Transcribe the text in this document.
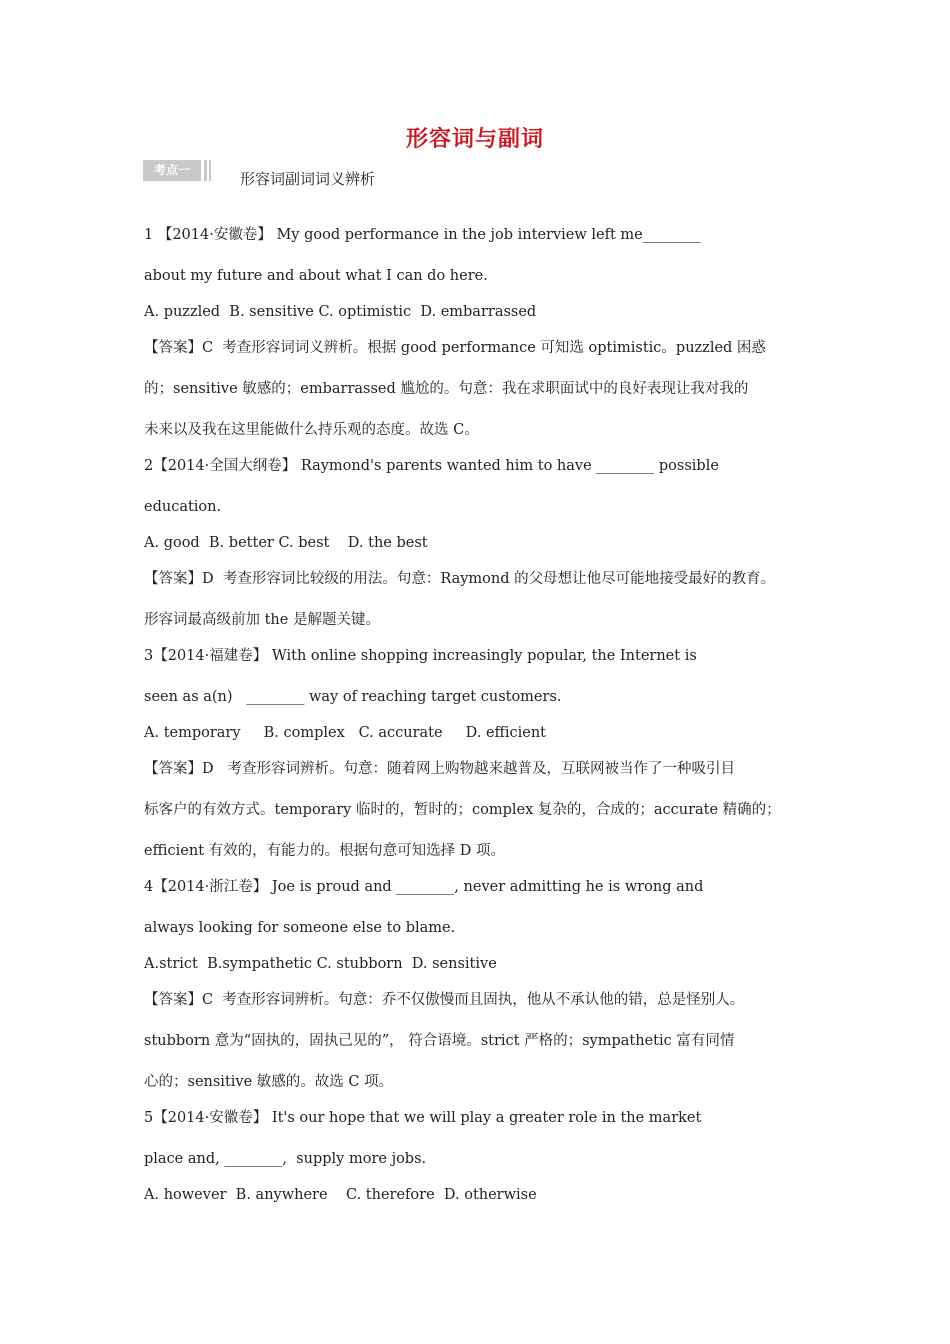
形容词与副词
考点一	形容词副词词义辨析
1 【2014·安徽卷】 My good performance in the job interview left me________
about my future and about what I can do here.
A. puzzled  B. sensitive C. optimistic  D. embarrassed
【答案】C  考查形容词词义辨析。根据 good performance 可知选 optimistic。puzzled 困惑
的；sensitive 敏感的；embarrassed 尴尬的。句意：我在求职面试中的良好表现让我对我的
未来以及我在这里能做什么持乐观的态度。故选 C。
2【2014·全国大纲卷】 Raymond's parents wanted him to have ________ possible
education.
A. good  B. better C. best    D. the best
【答案】D  考查形容词比较级的用法。句意：Raymond 的父母想让他尽可能地接受最好的教育。
形容词最高级前加 the 是解题关键。
3【2014·福建卷】 With online shopping increasingly popular, the Internet is
seen as a(n)   ________ way of reaching target customers.
A. temporary     B. complex   C. accurate     D. efficient
【答案】D   考查形容词辨析。句意：随着网上购物越来越普及，互联网被当作了一种吸引目
标客户的有效方式。temporary 临时的，暂时的；complex 复杂的，合成的；accurate 精确的；
efficient 有效的，有能力的。根据句意可知选择 D 项。
4【2014·浙江卷】 Joe is proud and ________, never admitting he is wrong and
always looking for someone else to blame.
A.strict  B.sympathetic C. stubborn  D. sensitive
【答案】C  考查形容词辨析。句意：乔不仅傲慢而且固执，他从不承认他的错，总是怪别人。
stubborn 意为“固执的，固执己见的”， 符合语境。strict 严格的；sympathetic 富有同情
心的；sensitive 敏感的。故选 C 项。
5【2014·安徽卷】 It's our hope that we will play a greater role in the market
place and, ________,  supply more jobs.
A. however  B. anywhere    C. therefore  D. otherwise
